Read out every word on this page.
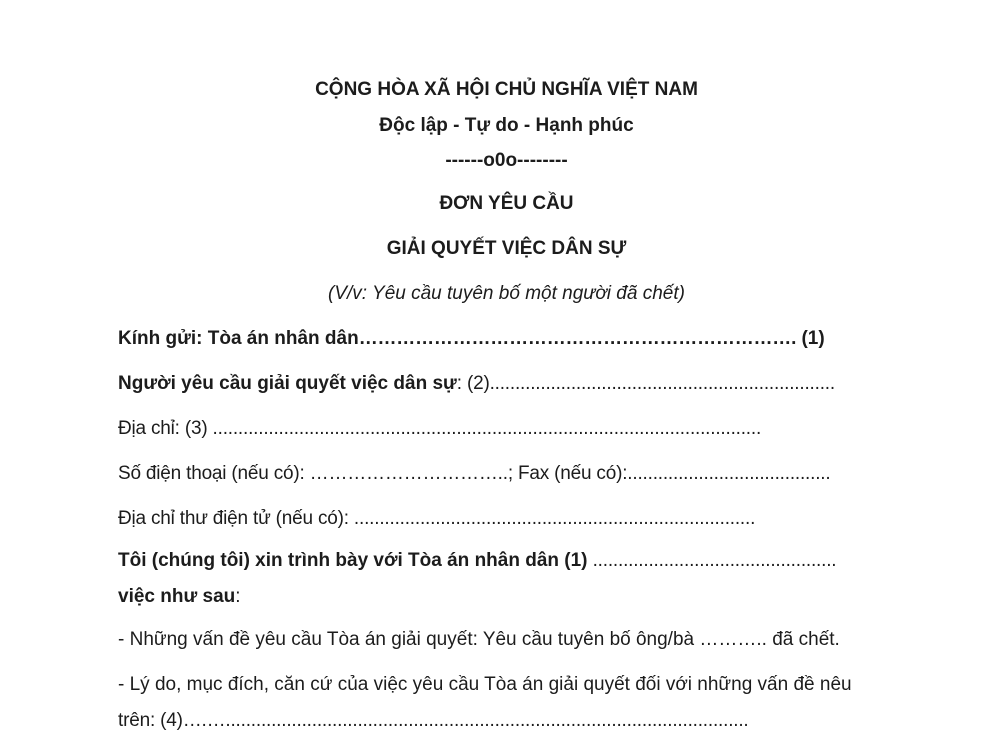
CỘNG HÒA XÃ HỘI CHỦ NGHĨA VIỆT NAM
Độc lập - Tự do - Hạnh phúc
------o0o--------
ĐƠN YÊU CẦU
GIẢI QUYẾT VIỆC DÂN SỰ
(V/v: Yêu cầu tuyên bố một người đã chết)
Kính gửi: Tòa án nhân dân……………………………………………………………. (1)
Người yêu cầu giải quyết việc dân sự: (2)....................................................................
Địa chỉ: (3) ............................................................................................................
Số điện thoại (nếu có): …………………………..; Fax (nếu có):........................................
Địa chỉ thư điện tử (nếu có): ...............................................................................
Tôi (chúng tôi) xin trình bày với Tòa án nhân dân (1) ................................................
việc như sau:
- Những vấn đề yêu cầu Tòa án giải quyết: Yêu cầu tuyên bố ông/bà ……….. đã chết.
- Lý do, mục đích, căn cứ của việc yêu cầu Tòa án giải quyết đối với những vấn đề nêu
trên: (4)….….......................................................................................................
